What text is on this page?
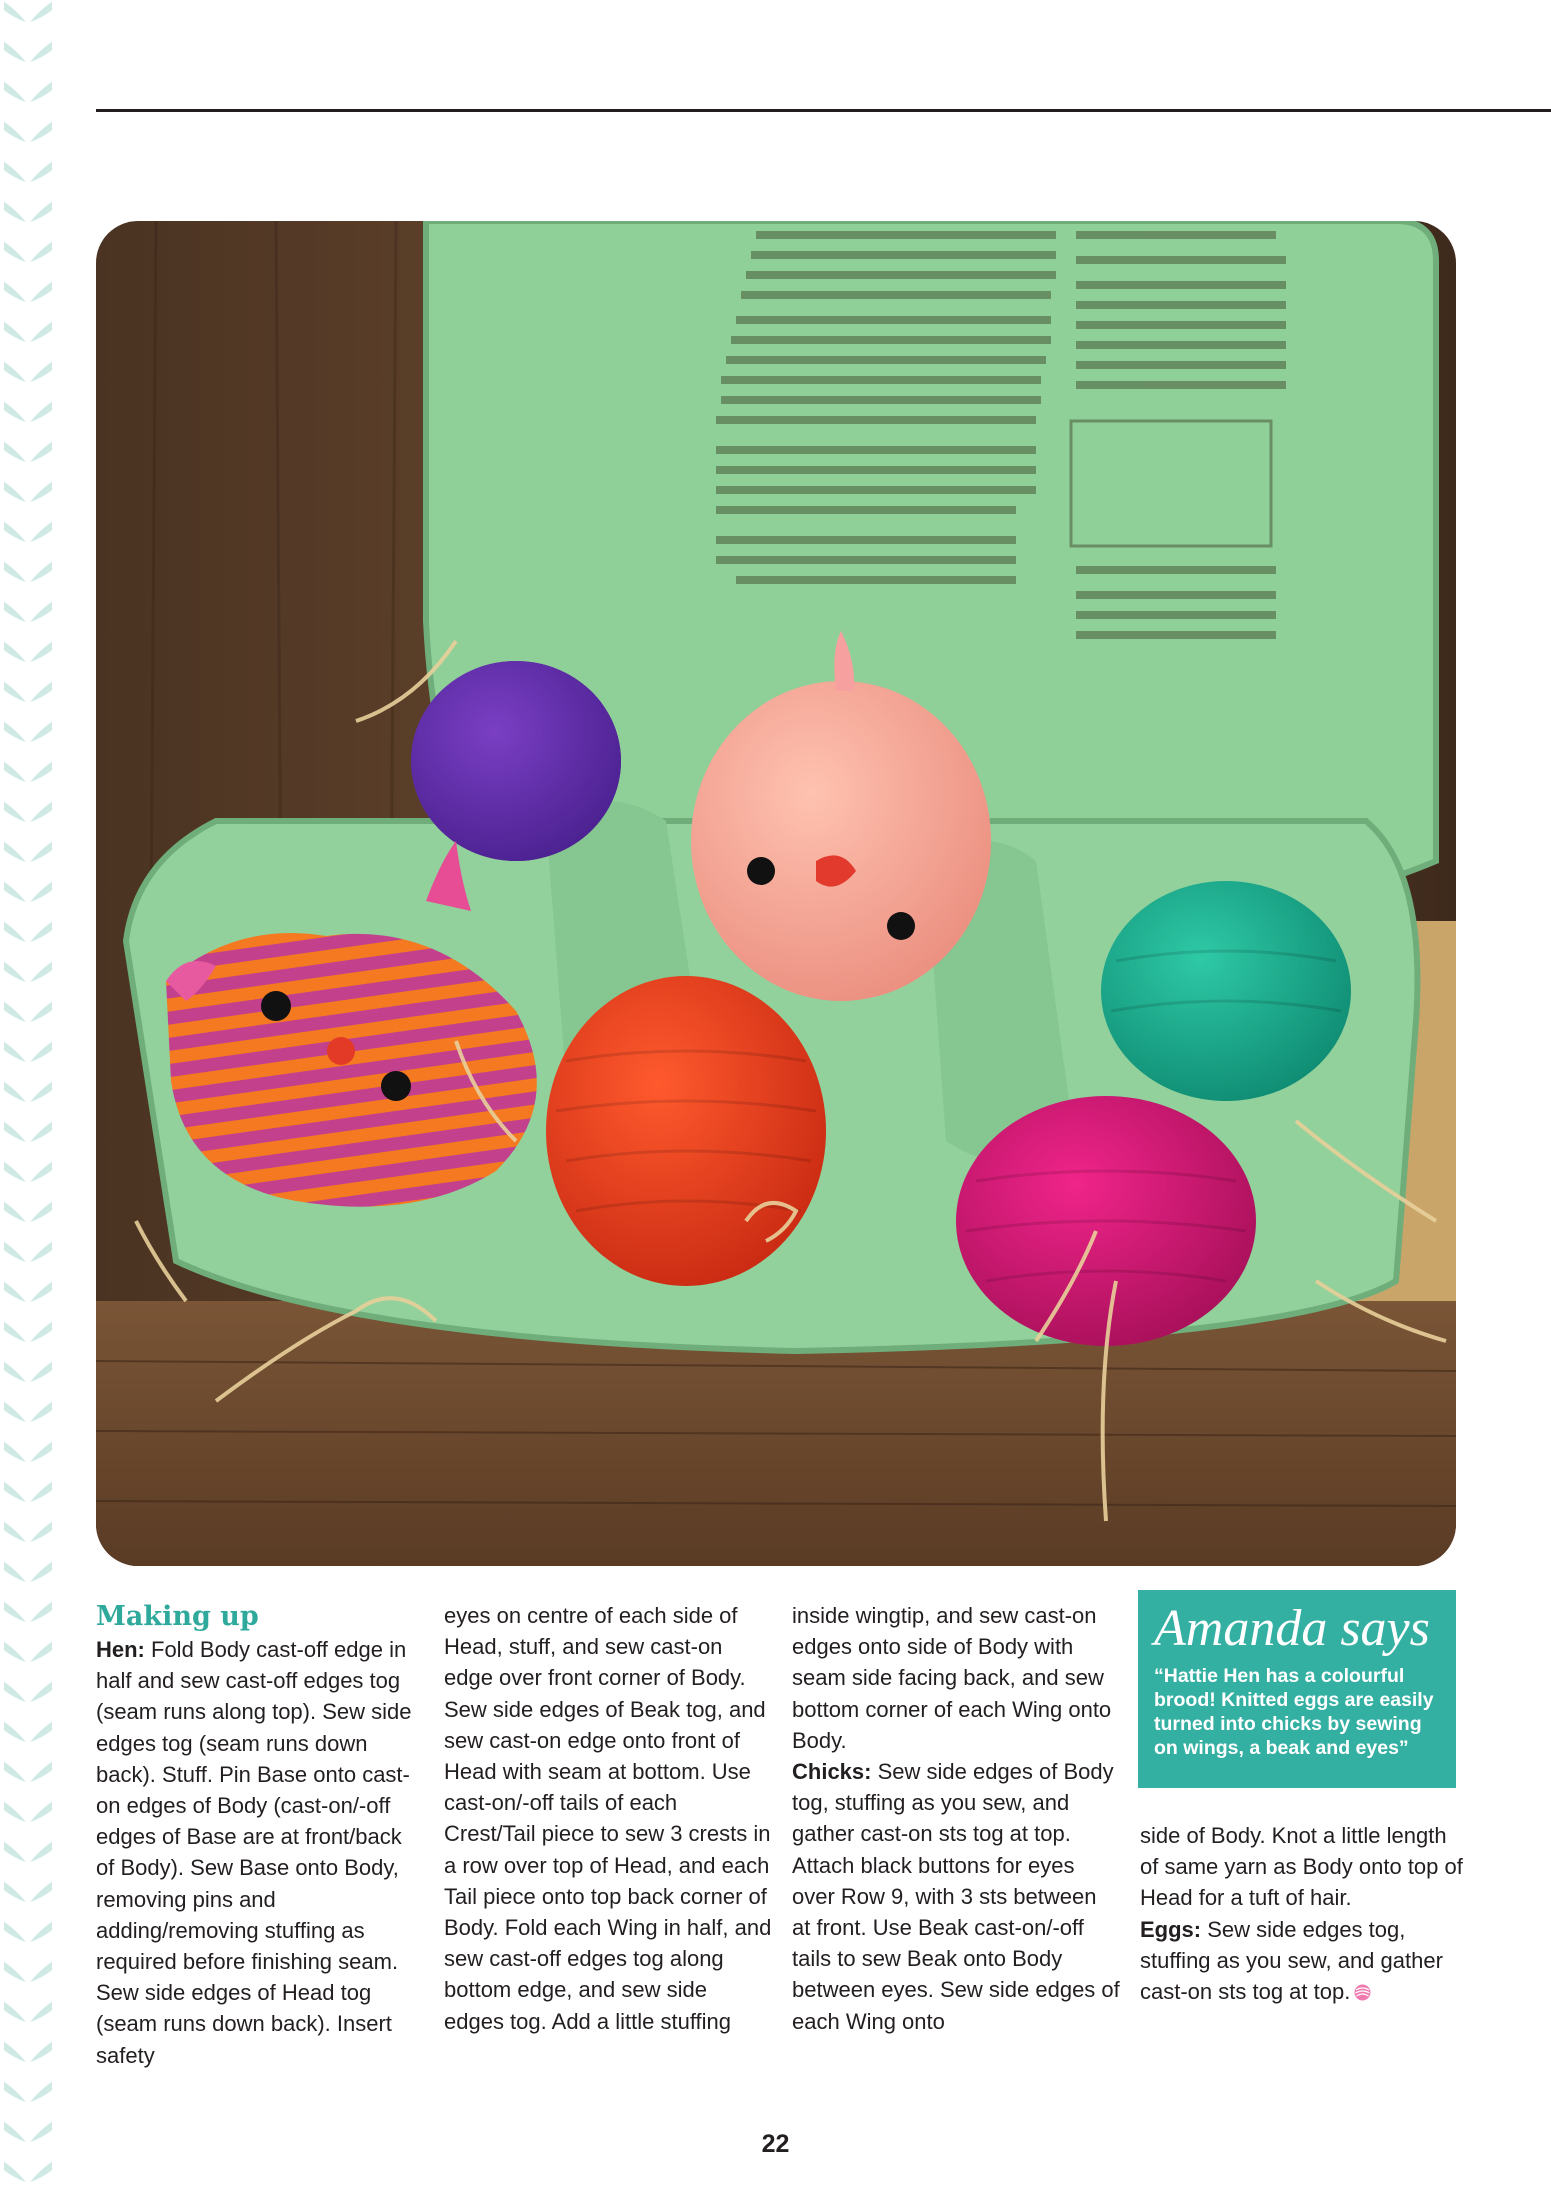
Making up

Hen: Fold Body cast-off edge in half and sew cast-off edges tog (seam runs along top). Sew side edges tog (seam runs down back). Stuff. Pin Base onto cast-on edges of Body (cast-on/-off edges of Base are at front/back of Body). Sew Base onto Body, removing pins and adding/removing stuffing as required before finishing seam. Sew side edges of Head tog (seam runs down back). Insert safety

eyes on centre of each side of Head, stuff, and sew cast-on edge over front corner of Body. Sew side edges of Beak tog, and sew cast-on edge onto front of Head with seam at bottom. Use cast-on/-off tails of each Crest/Tail piece to sew 3 crests in a row over top of Head, and each Tail piece onto top back corner of Body. Fold each Wing in half, and sew cast-off edges tog along bottom edge, and sew side edges tog. Add a little stuffing

inside wingtip, and sew cast-on edges onto side of Body with seam side facing back, and sew bottom corner of each Wing onto Body.
Chicks: Sew side edges of Body tog, stuffing as you sew, and gather cast-on sts tog at top. Attach black buttons for eyes over Row 9, with 3 sts between at front. Use Beak cast-on/-off tails to sew Beak onto Body between eyes. Sew side edges of each Wing onto

Amanda says

“Hattie Hen has a colourful brood! Knitted eggs are easily turned into chicks by sewing on wings, a beak and eyes”

side of Body. Knot a little length of same yarn as Body onto top of Head for a tuft of hair.
Eggs: Sew side edges tog, stuffing as you sew, and gather cast-on sts tog at top.

22
